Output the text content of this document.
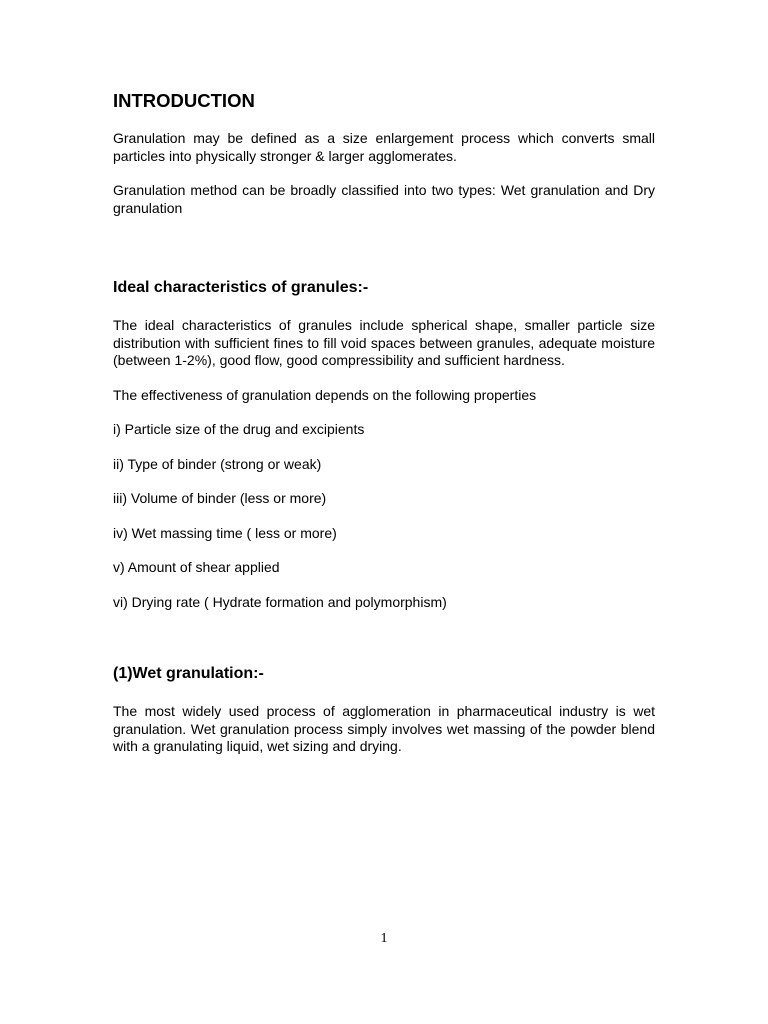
INTRODUCTION

Granulation may be defined as a size enlargement process which converts small particles into physically stronger & larger agglomerates.

Granulation method can be broadly classified into two types: Wet granulation and Dry granulation

Ideal characteristics of granules:-

The ideal characteristics of granules include spherical shape, smaller particle size distribution with sufficient fines to fill void spaces between granules, adequate moisture (between 1-2%), good flow, good compressibility and sufficient hardness.

The effectiveness of granulation depends on the following properties

i) Particle size of the drug and excipients
ii) Type of binder (strong or weak)
iii) Volume of binder (less or more)
iv) Wet massing time ( less or more)
v) Amount of shear applied
vi) Drying rate ( Hydrate formation and polymorphism)
(1)Wet granulation:-

The most widely used process of agglomeration in pharmaceutical industry is wet granulation. Wet granulation process simply involves wet massing of the powder blend with a granulating liquid, wet sizing and drying.

1
